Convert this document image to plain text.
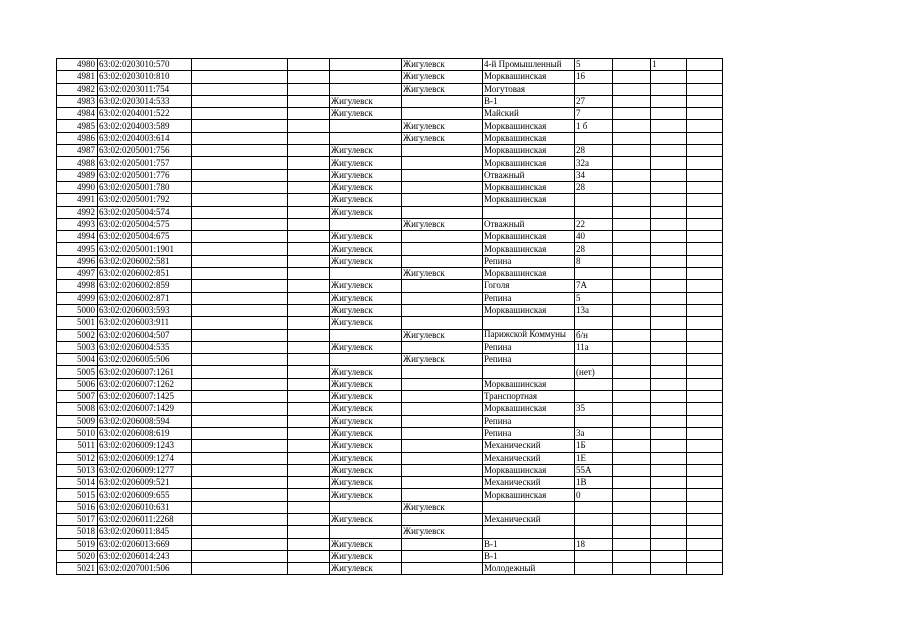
4980	63:02:0203010:570				Жигулевск	4-й Промышленный	5		1	
4981	63:02:0203010:810				Жигулевск	Морквашинская	16			
4982	63:02:0203011:754				Жигулевск	Могутовая				
4983	63:02:0203014:533			Жигулевск		В-1	27			
4984	63:02:0204001:522			Жигулевск		Майский	7			
4985	63:02:0204003:589				Жигулевск	Морквашинская	1 б			
4986	63:02:0204003:614				Жигулевск	Морквашинская				
4987	63:02:0205001:756			Жигулевск		Морквашинская	28			
4988	63:02:0205001:757			Жигулевск		Морквашинская	32а			
4989	63:02:0205001:776			Жигулевск		Отважный	34			
4990	63:02:0205001:780			Жигулевск		Морквашинская	28			
4991	63:02:0205001:792			Жигулевск		Морквашинская				
4992	63:02:0205004:574			Жигулевск						
4993	63:02:0205004:575				Жигулевск	Отважный	22			
4994	63:02:0205004:675			Жигулевск		Морквашинская	40			
4995	63:02:0205001:1901			Жигулевск		Морквашинская	28			
4996	63:02:0206002:581			Жигулевск		Репина	8			
4997	63:02:0206002:851				Жигулевск	Морквашинская				
4998	63:02:0206002:859			Жигулевск		Гоголя	7А			
4999	63:02:0206002:871			Жигулевск		Репина	5			
5000	63:02:0206003:593			Жигулевск		Морквашинская	13а			
5001	63:02:0206003:911			Жигулевск						
5002	63:02:0206004:507				Жигулевск	Парижской Коммуны	б/н			
5003	63:02:0206004:535			Жигулевск		Репина	11а			
5004	63:02:0206005:506				Жигулевск	Репина				
5005	63:02:0206007:1261			Жигулевск			(нет)			
5006	63:02:0206007:1262			Жигулевск		Морквашинская				
5007	63:02:0206007:1425			Жигулевск		Транспортная				
5008	63:02:0206007:1429			Жигулевск		Морквашинская	35			
5009	63:02:0206008:594			Жигулевск		Репина				
5010	63:02:0206008:619			Жигулевск		Репина	3а			
5011	63:02:0206009:1243			Жигулевск		Механический	1Б			
5012	63:02:0206009:1274			Жигулевск		Механический	1Е			
5013	63:02:0206009:1277			Жигулевск		Морквашинская	55А			
5014	63:02:0206009:521			Жигулевск		Механический	1В			
5015	63:02:0206009:655			Жигулевск		Морквашинская	0			
5016	63:02:0206010:631				Жигулевск					
5017	63:02:0206011:2268			Жигулевск		Механический				
5018	63:02:0206011:845				Жигулевск					
5019	63:02:0206013:669			Жигулевск		В-1	18			
5020	63:02:0206014:243			Жигулевск		В-1				
5021	63:02:0207001:506			Жигулевск		Молодежный				
